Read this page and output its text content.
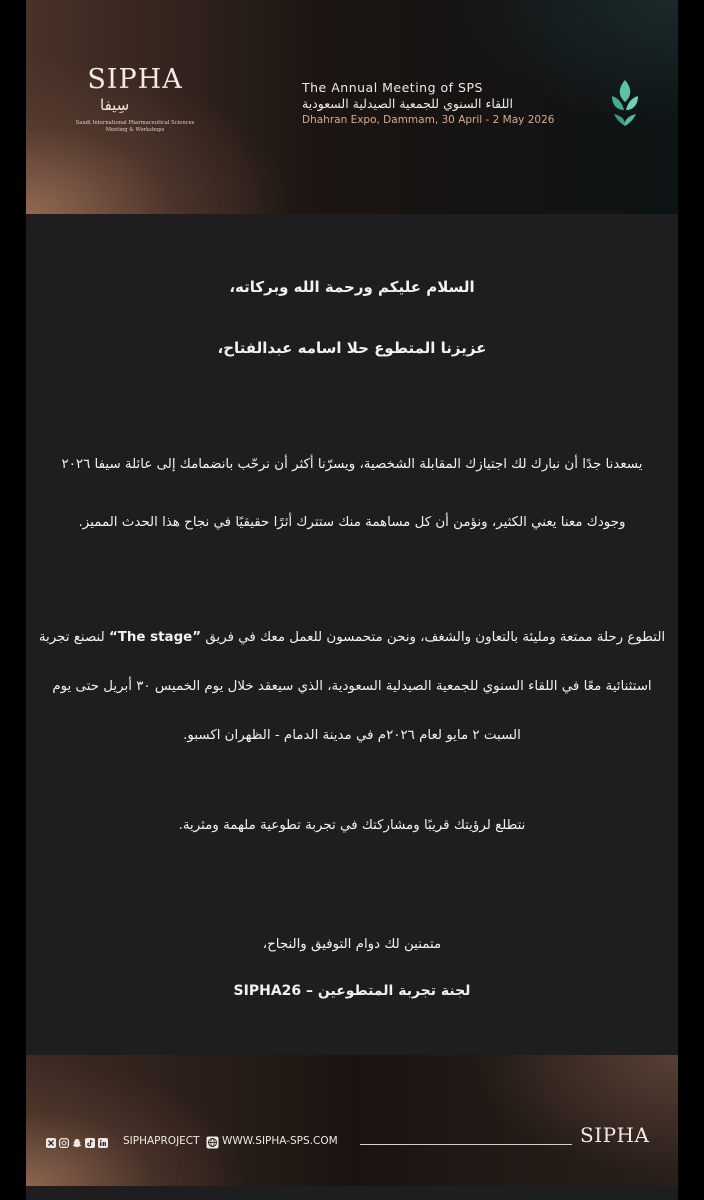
SIPHA
سِيفا
Saudi International Pharmaceutical Sciences Meeting & Workshops
The Annual Meeting of SPS
اللقاء السنوي للجمعية الصيدلية السعودية
Dhahran Expo, Dammam, 30 April - 2 May 2026
السلام عليكم ورحمة الله وبركاته،
عزيزنا المتطوع حلا اسامه عبدالفتاح،
يسعدنا جدًا أن نبارك لك اجتيازك المقابلة الشخصية، ويسرّنا أكثر أن نرحّب بانضمامك إلى عائلة سيفا ٢٠٢٦
وجودك معنا يعني الكثير، ونؤمن أن كل مساهمة منك ستترك أثرًا حقيقيًا في نجاح هذا الحدث المميز.
التطوع رحلة ممتعة ومليئة بالتعاون والشغف، ونحن متحمسون للعمل معك في فريق “The stage” لنصنع تجربة
استثنائية معًا في اللقاء السنوي للجمعية الصيدلية السعودية، الذي سيعقد خلال يوم الخميس ٣٠ أبريل حتى يوم
السبت ٢ مايو لعام ٢٠٢٦م في مدينة الدمام - الظهران اكسبو.
نتطلع لرؤيتك قريبًا ومشاركتك في تجربة تطوعية ملهمة ومثرية.
متمنين لك دوام التوفيق والنجاح،
لجنة تجربة المتطوعين – SIPHA26
SIPHAPROJECT WWW.SIPHA-SPS.COM	SIPHA
